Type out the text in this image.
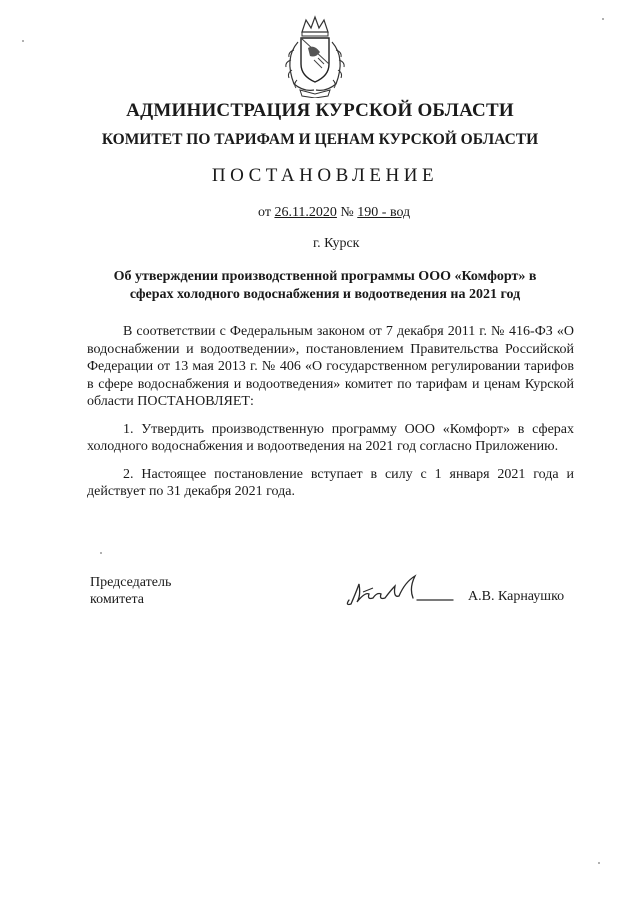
АДМИНИСТРАЦИЯ КУРСКОЙ ОБЛАСТИ
КОМИТЕТ ПО ТАРИФАМ И ЦЕНАМ КУРСКОЙ ОБЛАСТИ
ПОСТАНОВЛЕНИЕ
от 26.11.2020 № 190 - вод
г. Курск
Об утверждении производственной программы ООО «Комфорт» в сферах холодного водоснабжения и водоотведения на 2021 год

В соответствии с Федеральным законом от 7 декабря 2011 г. № 416-ФЗ «О водоснабжении и водоотведении», постановлением Правительства Российской Федерации от 13 мая 2013 г. № 406 «О государственном регулировании тарифов в сфере водоснабжения и водоотведения» комитет по тарифам и ценам Курской области ПОСТАНОВЛЯЕТ:

1. Утвердить производственную программу ООО «Комфорт» в сферах холодного водоснабжения и водоотведения на 2021 год согласно Приложению.

2. Настоящее постановление вступает в силу с 1 января 2021 года и действует по 31 декабря 2021 года.

Председатель
комитета	А.В. Карнаушко
